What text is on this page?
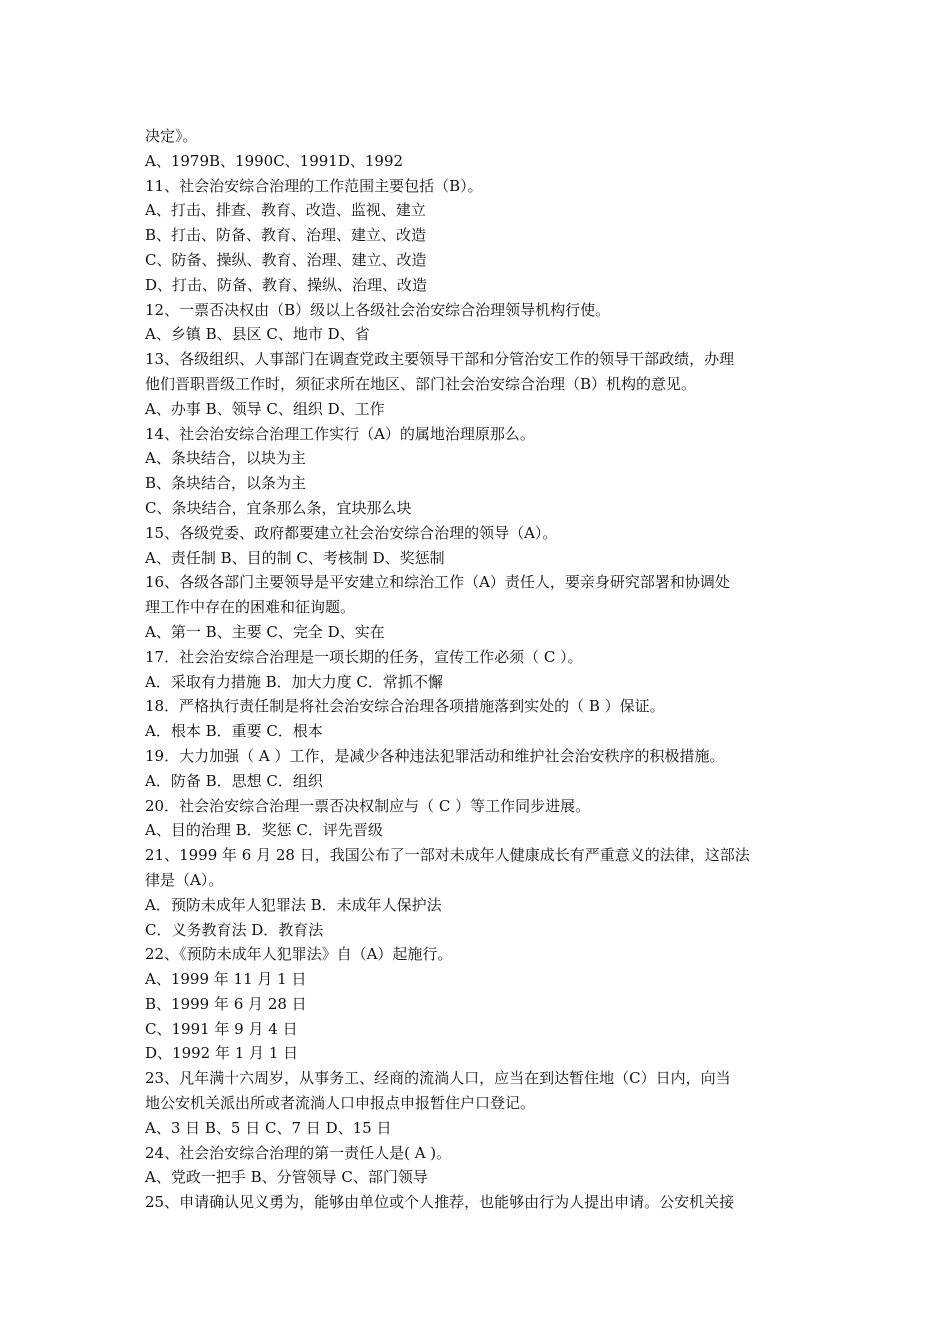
决定》。
A、1979B、1990C、1991D、1992
11、社会治安综合治理的工作范围主要包括（B）。
A、打击、排查、教育、改造、监视、建立
B、打击、防备、教育、治理、建立、改造
C、防备、操纵、教育、治理、建立、改造
D、打击、防备、教育、操纵、治理、改造
12、一票否决权由（B）级以上各级社会治安综合治理领导机构行使。
A、乡镇 B、县区 C、地市 D、省
13、各级组织、人事部门在调查党政主要领导干部和分管治安工作的领导干部政绩，办理
他们晋职晋级工作时，须征求所在地区、部门社会治安综合治理（B）机构的意见。
A、办事 B、领导 C、组织 D、工作
14、社会治安综合治理工作实行（A）的属地治理原那么。
A、条块结合，以块为主
B、条块结合，以条为主
C、条块结合，宜条那么条，宜块那么块
15、各级党委、政府都要建立社会治安综合治理的领导（A）。
A、责任制 B、目的制 C、考核制 D、奖惩制
16、各级各部门主要领导是平安建立和综治工作（A）责任人，要亲身研究部署和协调处
理工作中存在的困难和征询题。
A、第一 B、主要 C、完全 D、实在
17．社会治安综合治理是一项长期的任务，宣传工作必须（ C ）。
A．采取有力措施 B．加大力度 C．常抓不懈
18．严格执行责任制是将社会治安综合治理各项措施落到实处的（ B ）保证。
A．根本 B．重要 C．根本
19．大力加强（ A ）工作，是减少各种违法犯罪活动和维护社会治安秩序的积极措施。
A．防备 B．思想 C．组织
20．社会治安综合治理一票否决权制应与（ C ）等工作同步进展。
A、目的治理 B．奖惩 C．评先晋级
21、1999 年 6 月 28 日，我国公布了一部对未成年人健康成长有严重意义的法律，这部法
律是（A）。
A．预防未成年人犯罪法 B．未成年人保护法
C．义务教育法 D．教育法
22、《预防未成年人犯罪法》自（A）起施行。
A、1999 年 11 月 1 日
B、1999 年 6 月 28 日
C、1991 年 9 月 4 日
D、1992 年 1 月 1 日
23、凡年满十六周岁，从事务工、经商的流淌人口，应当在到达暂住地（C）日内，向当
地公安机关派出所或者流淌人口申报点申报暂住户口登记。
A、3 日 B、5 日 C、7 日 D、15 日
24、社会治安综合治理的第一责任人是( A )。
A、党政一把手 B、分管领导 C、部门领导
25、申请确认见义勇为，能够由单位或个人推荐，也能够由行为人提出申请。公安机关接
